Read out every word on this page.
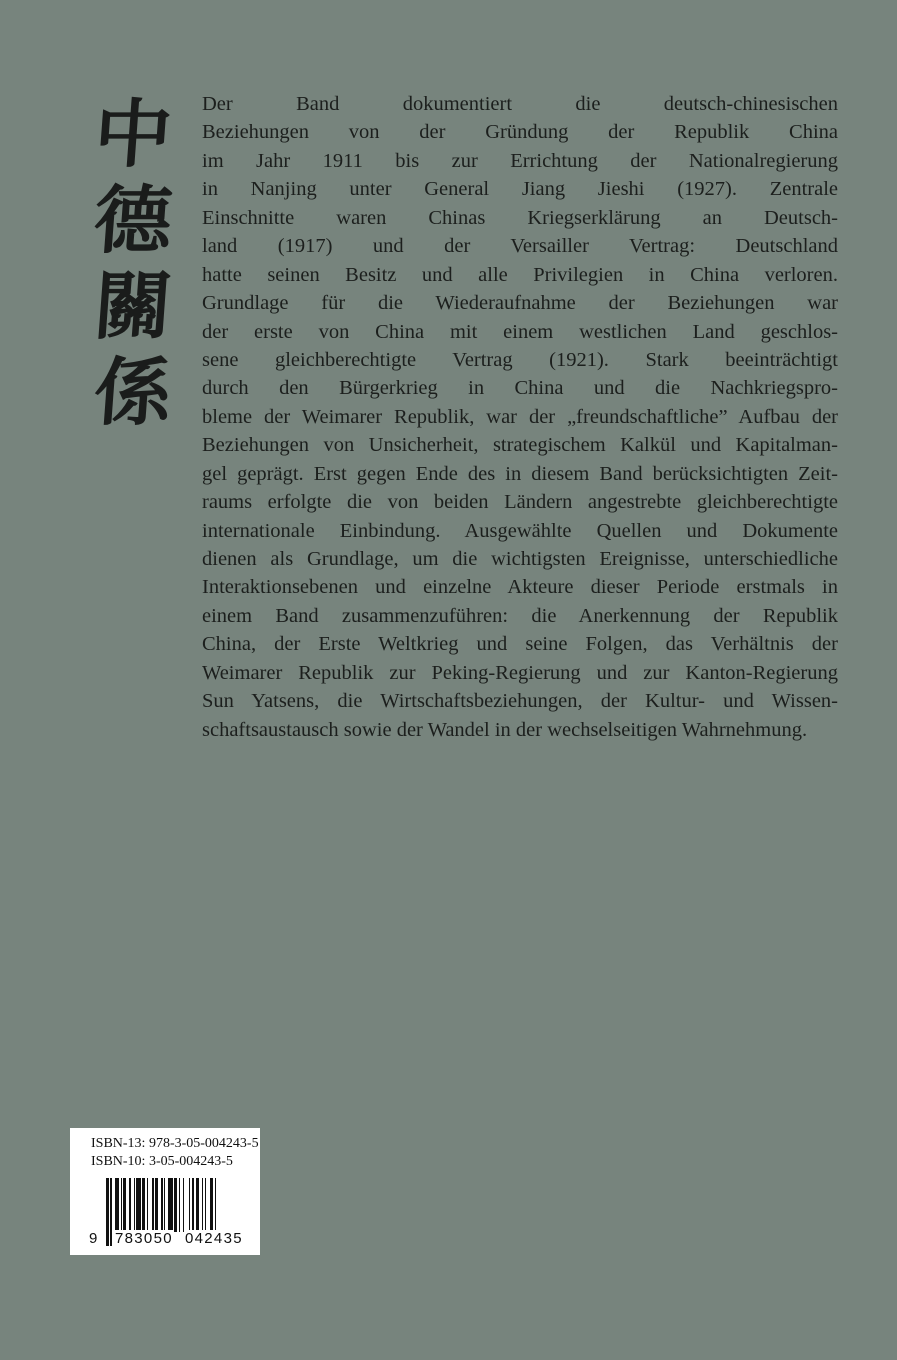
中
德
關
係
Der Band dokumentiert die deutsch-chinesischen
Beziehungen von der Gründung der Republik China
im Jahr 1911 bis zur Errichtung der Nationalregierung
in Nanjing unter General Jiang Jieshi (1927). Zentrale
Einschnitte waren Chinas Kriegserklärung an Deutsch-
land (1917) und der Versailler Vertrag: Deutschland
hatte seinen Besitz und alle Privilegien in China verloren.
Grundlage für die Wiederaufnahme der Beziehungen war
der erste von China mit einem westlichen Land geschlos-
sene gleichberechtigte Vertrag (1921). Stark beeinträchtigt
durch den Bürgerkrieg in China und die Nachkriegspro-
bleme der Weimarer Republik, war der „freundschaftliche” Aufbau der
Beziehungen von Unsicherheit, strategischem Kalkül und Kapitalman-
gel geprägt. Erst gegen Ende des in diesem Band berücksichtigten Zeit-
raums erfolgte die von beiden Ländern angestrebte gleichberechtigte
internationale Einbindung. Ausgewählte Quellen und Dokumente
dienen als Grundlage, um die wichtigsten Ereignisse, unterschiedliche
Interaktionsebenen und einzelne Akteure dieser Periode erstmals in
einem Band zusammenzuführen: die Anerkennung der Republik
China, der Erste Weltkrieg und seine Folgen, das Verhältnis der
Weimarer Republik zur Peking-Regierung und zur Kanton-Regierung
Sun Yatsens, die Wirtschaftsbeziehungen, der Kultur- und Wissen-
schaftsaustausch sowie der Wandel in der wechselseitigen Wahrnehmung.
ISBN-13: 978-3-05-004243-5
ISBN-10: 3-05-004243-5
9 783050 042435
